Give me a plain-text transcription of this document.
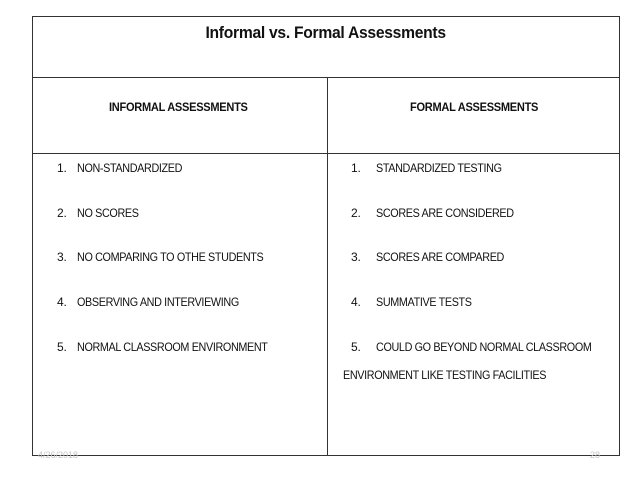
Informal vs. Formal Assessments
INFORMAL ASSESSMENTS	FORMAL ASSESSMENTS
1. NON-STANDARDIZED
2. NO SCORES
3. NO COMPARING TO OTHE STUDENTS
4. OBSERVING AND INTERVIEWING
5. NORMAL CLASSROOM ENVIRONMENT
1. STANDARDIZED TESTING
2. SCORES ARE CONSIDERED
3. SCORES ARE COMPARED
4. SUMMATIVE TESTS
5. COULD GO BEYOND NORMAL CLASSROOM
ENVIRONMENT LIKE TESTING FACILITIES
4/26/2018	28
